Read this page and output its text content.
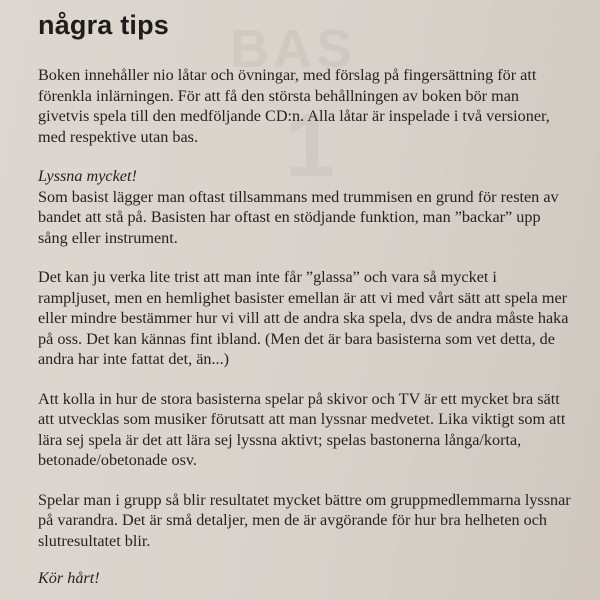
BAS
1
några tips

Boken innehåller nio låtar och övningar, med förslag på fingersättning för att förenkla inlärningen. För att få den största behållningen av boken bör man givetvis spela till den medföljande CD:n. Alla låtar är inspelade i två versioner, med respektive utan bas.

Lyssna mycket!
Som basist lägger man oftast tillsammans med trummisen en grund för resten av bandet att stå på. Basisten har oftast en stödjande funktion, man ”backar” upp sång eller instrument.

Det kan ju verka lite trist att man inte får ”glassa” och vara så mycket i rampljuset, men en hemlighet basister emellan är att vi med vårt sätt att spela mer eller mindre bestämmer hur vi vill att de andra ska spela, dvs de andra måste haka på oss. Det kan kännas fint ibland. (Men det är bara basisterna som vet detta, de andra har inte fattat det, än...)

Att kolla in hur de stora basisterna spelar på skivor och TV är ett mycket bra sätt att utvecklas som musiker förutsatt att man lyssnar medvetet. Lika viktigt som att lära sej spela är det att lära sej lyssna aktivt; spelas bastonerna långa/korta, betonade/obetonade osv.

Spelar man i grupp så blir resultatet mycket bättre om gruppmedlemmarna lyssnar på varandra. Det är små detaljer, men de är avgörande för hur bra helheten och slutresultatet blir.

Kör hårt!
